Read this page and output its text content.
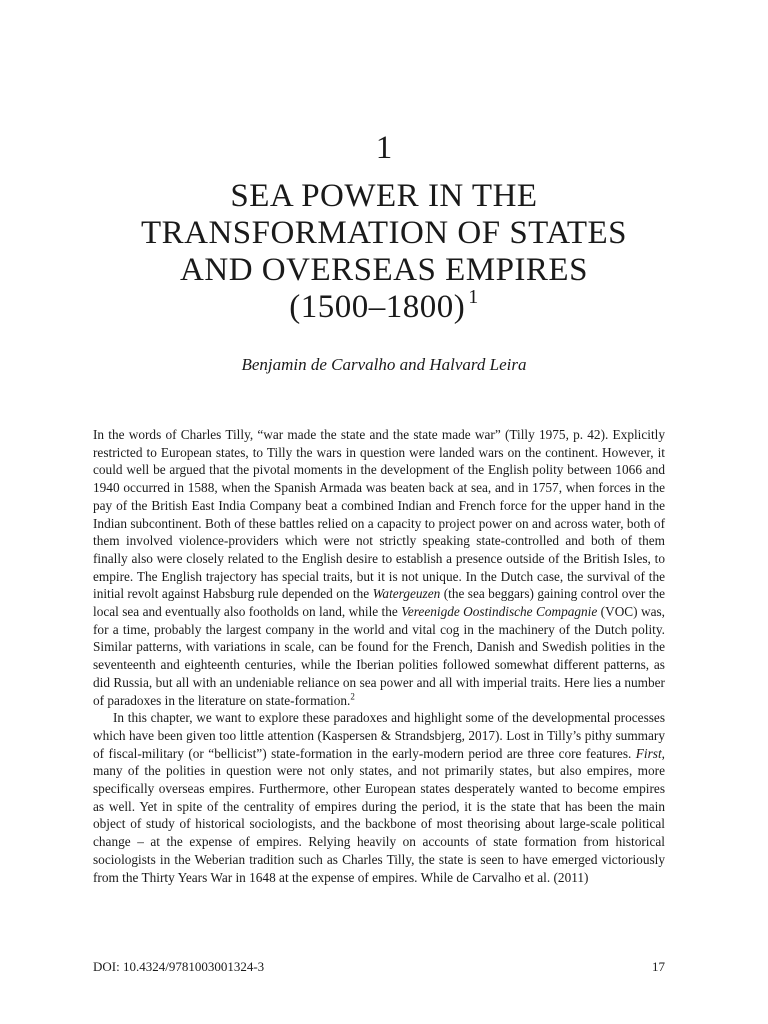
1
SEA POWER IN THE
TRANSFORMATION OF STATES
AND OVERSEAS EMPIRES
(1500–1800) $^1$
Benjamin de Carvalho and Halvard Leira

In the words of Charles Tilly, “war made the state and the state made war” (Tilly 1975, p. 42). Explicitly restricted to European states, to Tilly the wars in question were landed wars on the continent. However, it could well be argued that the pivotal moments in the development of the English polity between 1066 and 1940 occurred in 1588, when the Spanish Armada was beaten back at sea, and in 1757, when forces in the pay of the British East India Company beat a combined Indian and French force for the upper hand in the Indian subcontinent. Both of these battles relied on a capacity to project power on and across water, both of them involved violence-providers which were not strictly speaking state-controlled and both of them finally also were closely related to the English desire to establish a presence outside of the British Isles, to empire. The English trajectory has special traits, but it is not unique. In the Dutch case, the survival of the initial revolt against Habsburg rule depended on the Watergeuzen (the sea beggars) gaining control over the local sea and eventually also footholds on land, while the Vereenigde Oostindische Compagnie (VOC) was, for a time, probably the largest company in the world and vital cog in the machinery of the Dutch polity. Similar patterns, with variations in scale, can be found for the French, Danish and Swedish polities in the seventeenth and eighteenth centuries, while the Iberian polities followed somewhat different patterns, as did Russia, but all with an undeniable reliance on sea power and all with imperial traits. Here lies a number of paradoxes in the literature on state-formation.$^2$

In this chapter, we want to explore these paradoxes and highlight some of the developmental processes which have been given too little attention (Kaspersen & Strandsbjerg, 2017). Lost in Tilly’s pithy summary of fiscal-military (or “bellicist”) state-formation in the early-modern period are three core features. First, many of the polities in question were not only states, and not primarily states, but also empires, more specifically overseas empires. Furthermore, other European states desperately wanted to become empires as well. Yet in spite of the centrality of empires during the period, it is the state that has been the main object of study of historical sociologists, and the backbone of most theorising about large-scale political change – at the expense of empires. Relying heavily on accounts of state formation from historical sociologists in the Weberian tradition such as Charles Tilly, the state is seen to have emerged victoriously from the Thirty Years War in 1648 at the expense of empires. While de Carvalho et al. (2011)

DOI: 10.4324/9781003001324-3	17
